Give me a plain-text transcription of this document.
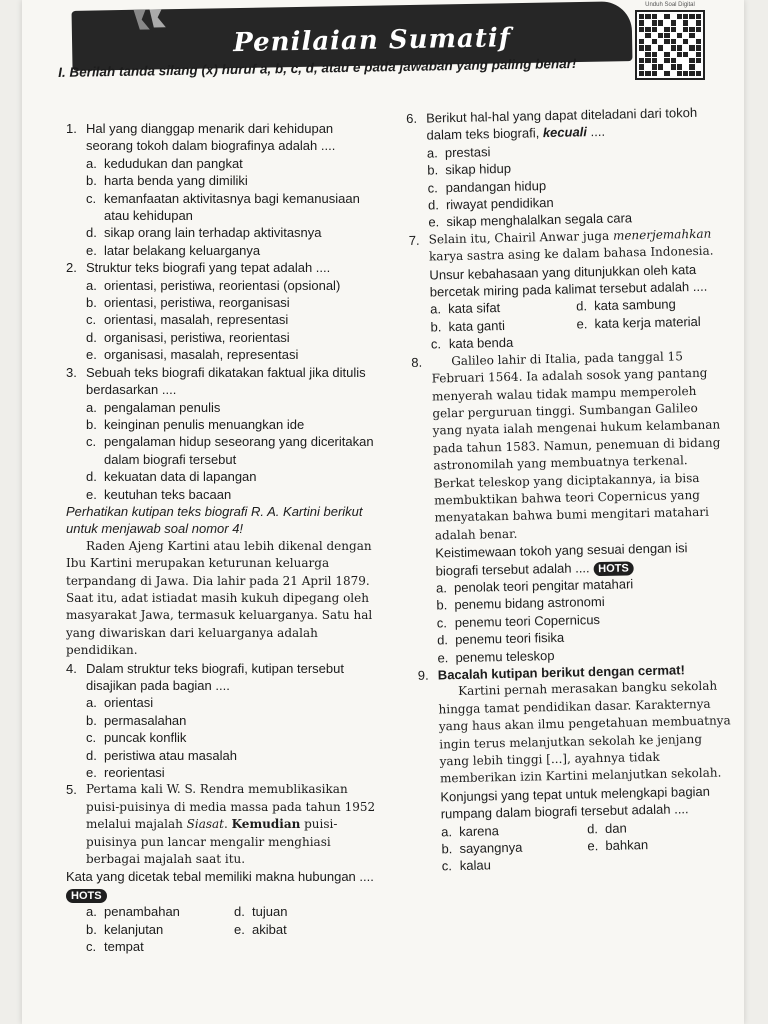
Penilaian Sumatif
Unduh Soal Digital
I. Berilah tanda silang (x) huruf a, b, c, d, atau e pada jawaban yang paling benar!
1. Hal yang dianggap menarik dari kehidupan seorang tokoh dalam biografinya adalah ....
a. kedudukan dan pangkat
b. harta benda yang dimiliki
c. kemanfaatan aktivitasnya bagi kemanusiaan atau kehidupan
d. sikap orang lain terhadap aktivitasnya
e. latar belakang keluarganya
2. Struktur teks biografi yang tepat adalah ....
a. orientasi, peristiwa, reorientasi (opsional)
b. orientasi, peristiwa, reorganisasi
c. orientasi, masalah, representasi
d. organisasi, peristiwa, reorientasi
e. organisasi, masalah, representasi
3. Sebuah teks biografi dikatakan faktual jika ditulis berdasarkan ....
a. pengalaman penulis
b. keinginan penulis menuangkan ide
c. pengalaman hidup seseorang yang diceritakan dalam biografi tersebut
d. kekuatan data di lapangan
e. keutuhan teks bacaan
Perhatikan kutipan teks biografi R. A. Kartini berikut untuk menjawab soal nomor 4!
Raden Ajeng Kartini atau lebih dikenal dengan Ibu Kartini merupakan keturunan keluarga terpandang di Jawa. Dia lahir pada 21 April 1879. Saat itu, adat istiadat masih kukuh dipegang oleh masyarakat Jawa, termasuk keluarganya. Satu hal yang diwariskan dari keluarganya adalah pendidikan.
4. Dalam struktur teks biografi, kutipan tersebut disajikan pada bagian ....
a. orientasi
b. permasalahan
c. puncak konflik
d. peristiwa atau masalah
e. reorientasi
5. Pertama kali W. S. Rendra memublikasikan puisi-puisinya di media massa pada tahun 1952 melalui majalah Siasat. Kemudian puisi-puisinya pun lancar mengalir menghiasi berbagai majalah saat itu.
Kata yang dicetak tebal memiliki makna hubungan .... HOTS
a. penambahan	d. tujuan
b. kelanjutan	e. akibat
c. tempat
6. Berikut hal-hal yang dapat diteladani dari tokoh dalam teks biografi, kecuali ....
a. prestasi
b. sikap hidup
c. pandangan hidup
d. riwayat pendidikan
e. sikap menghalalkan segala cara
7. Selain itu, Chairil Anwar juga menerjemahkan karya sastra asing ke dalam bahasa Indonesia.
Unsur kebahasaan yang ditunjukkan oleh kata bercetak miring pada kalimat tersebut adalah ....
a. kata sifat	d. kata sambung
b. kata ganti	e. kata kerja material
c. kata benda
8.	Galileo lahir di Italia, pada tanggal 15 Februari 1564. Ia adalah sosok yang pantang menyerah walau tidak mampu memperoleh gelar perguruan tinggi. Sumbangan Galileo yang nyata ialah mengenai hukum kelambanan pada tahun 1583. Namun, penemuan di bidang astronomilah yang membuatnya terkenal. Berkat teleskop yang diciptakannya, ia bisa membuktikan bahwa teori Copernicus yang menyatakan bahwa bumi mengitari matahari adalah benar.
Keistimewaan tokoh yang sesuai dengan isi biografi tersebut adalah .... HOTS
a. penolak teori pengitar matahari
b. penemu bidang astronomi
c. penemu teori Copernicus
d. penemu teori fisika
e. penemu teleskop
9. Bacalah kutipan berikut dengan cermat!
Kartini pernah merasakan bangku sekolah hingga tamat pendidikan dasar. Karakternya yang haus akan ilmu pengetahuan membuatnya ingin terus melanjutkan sekolah ke jenjang yang lebih tinggi [...], ayahnya tidak memberikan izin Kartini melanjutkan sekolah.
Konjungsi yang tepat untuk melengkapi bagian rumpang dalam biografi tersebut adalah ....
a. karena	d. dan
b. sayangnya	e. bahkan
c. kalau
